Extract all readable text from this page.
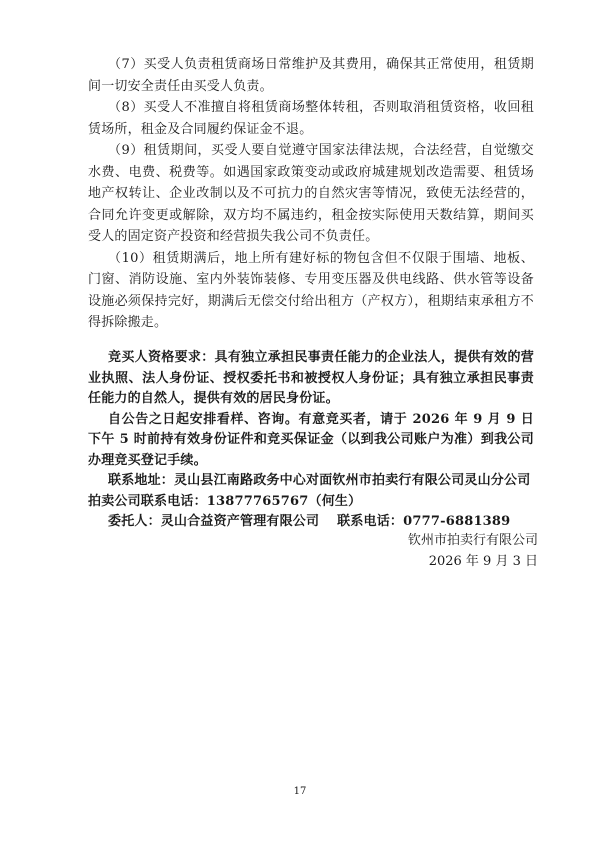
（7）买受人负责租赁商场日常维护及其费用，确保其正常使用，租赁期间一切安全责任由买受人负责。

（8）买受人不准擅自将租赁商场整体转租，否则取消租赁资格，收回租赁场所，租金及合同履约保证金不退。

（9）租赁期间，买受人要自觉遵守国家法律法规，合法经营，自觉缴交水费、电费、税费等。如遇国家政策变动或政府城建规划改造需要、租赁场地产权转让、企业改制以及不可抗力的自然灾害等情况，致使无法经营的，合同允许变更或解除，双方均不属违约，租金按实际使用天数结算，期间买受人的固定资产投资和经营损失我公司不负责任。

（10）租赁期满后，地上所有建好标的物包含但不仅限于围墙、地板、门窗、消防设施、室内外装饰装修、专用变压器及供电线路、供水管等设备设施必须保持完好，期满后无偿交付给出租方（产权方），租期结束承租方不得拆除搬走。

竞买人资格要求：具有独立承担民事责任能力的企业法人，提供有效的营业执照、法人身份证、授权委托书和被授权人身份证；具有独立承担民事责任能力的自然人，提供有效的居民身份证。

自公告之日起安排看样、咨询。有意竞买者，请于 2026 年 9 月 9 日下午 5 时前持有效身份证件和竞买保证金（以到我公司账户为准）到我公司办理竞买登记手续。

联系地址：灵山县江南路政务中心对面钦州市拍卖行有限公司灵山分公司

拍卖公司联系电话：13877765767（何生）

委托人：灵山合益资产管理有限公司　 联系电话：0777-6881389

钦州市拍卖行有限公司
2026 年 9 月 3 日
17
